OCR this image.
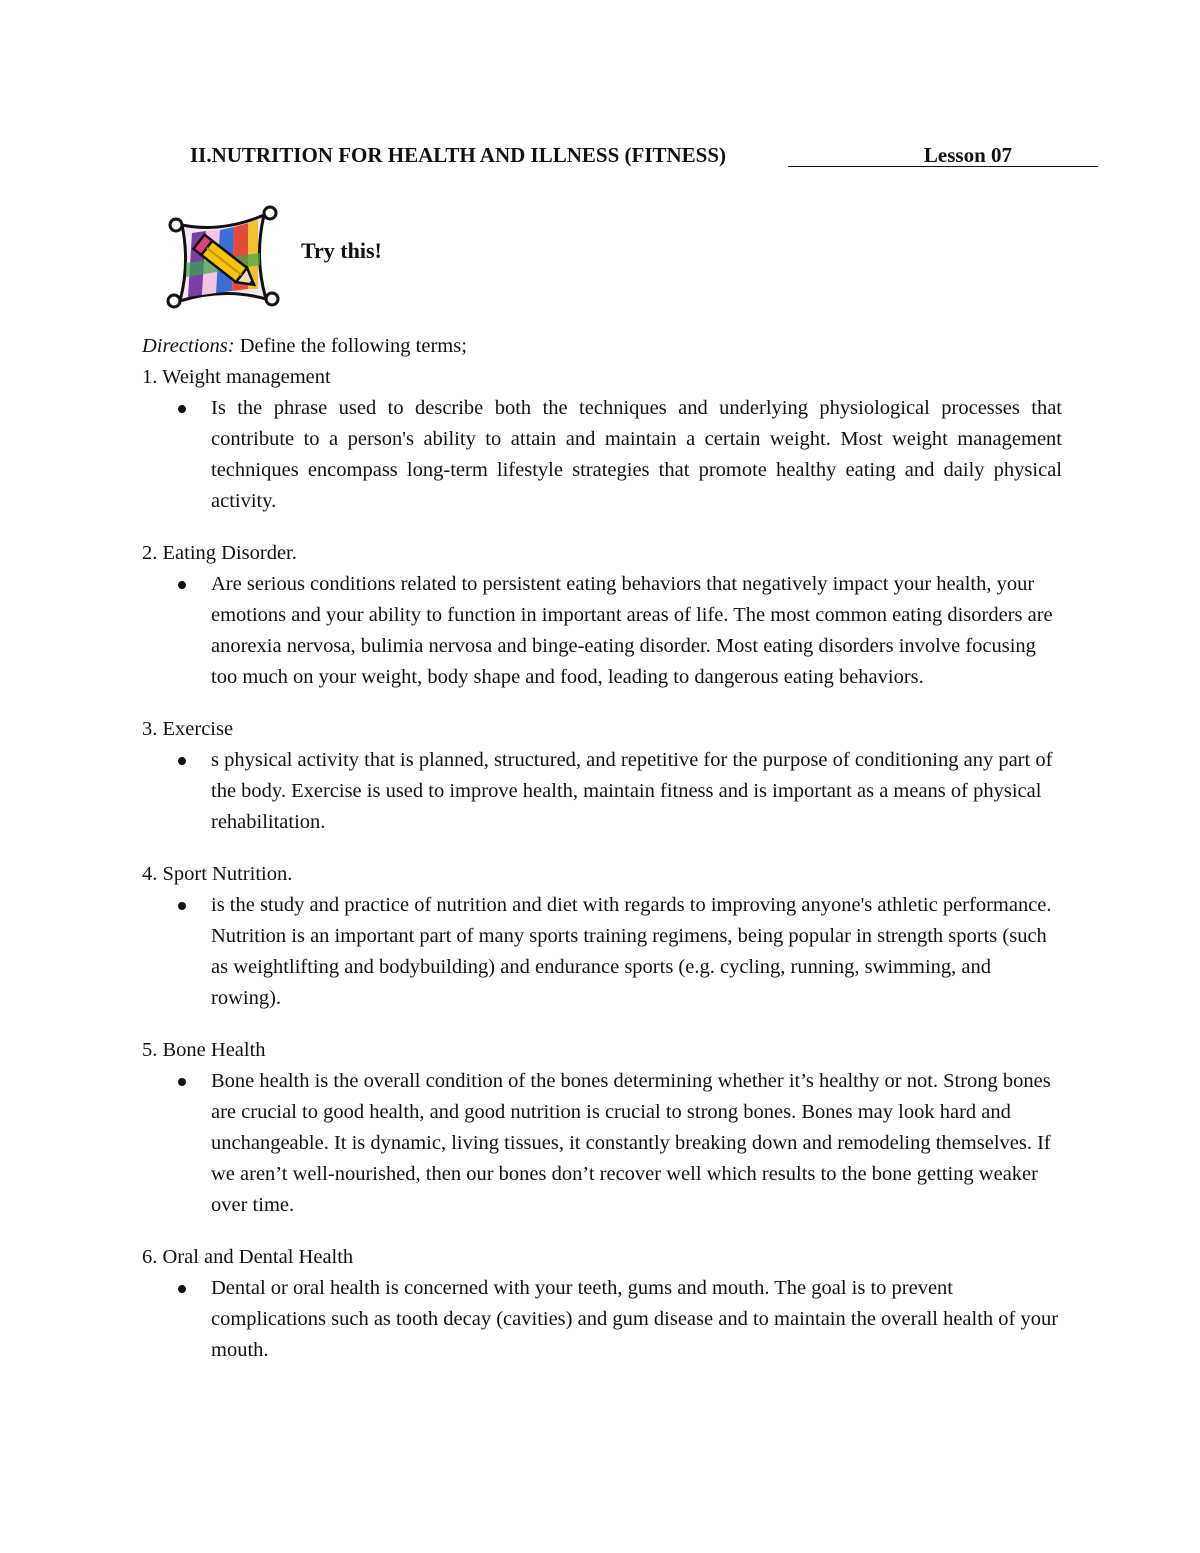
II.NUTRITION FOR HEALTH AND ILLNESS (FITNESS)	Lesson 07
Try this!

Directions: Define the following terms;

1. Weight management

Is the phrase used to describe both the techniques and underlying physiological processes that contribute to a person's ability to attain and maintain a certain weight. Most weight management techniques encompass long-term lifestyle strategies that promote healthy eating and daily physical activity.

2. Eating Disorder.

Are serious conditions related to persistent eating behaviors that negatively impact your health, your emotions and your ability to function in important areas of life. The most common eating disorders are anorexia nervosa, bulimia nervosa and binge-eating disorder. Most eating disorders involve focusing too much on your weight, body shape and food, leading to dangerous eating behaviors.

3. Exercise

s physical activity that is planned, structured, and repetitive for the purpose of conditioning any part of the body. Exercise is used to improve health, maintain fitness and is important as a means of physical rehabilitation.

4. Sport Nutrition.

is the study and practice of nutrition and diet with regards to improving anyone's athletic performance. Nutrition is an important part of many sports training regimens, being popular in strength sports (such as weightlifting and bodybuilding) and endurance sports (e.g. cycling, running, swimming, and rowing).

5. Bone Health

Bone health is the overall condition of the bones determining whether it’s healthy or not. Strong bones are crucial to good health, and good nutrition is crucial to strong bones. Bones may look hard and unchangeable. It is dynamic, living tissues, it constantly breaking down and remodeling themselves. If we aren’t well-nourished, then our bones don’t recover well which results to the bone getting weaker over time.

6. Oral and Dental Health

Dental or oral health is concerned with your teeth, gums and mouth. The goal is to prevent complications such as tooth decay (cavities) and gum disease and to maintain the overall health of your mouth.
